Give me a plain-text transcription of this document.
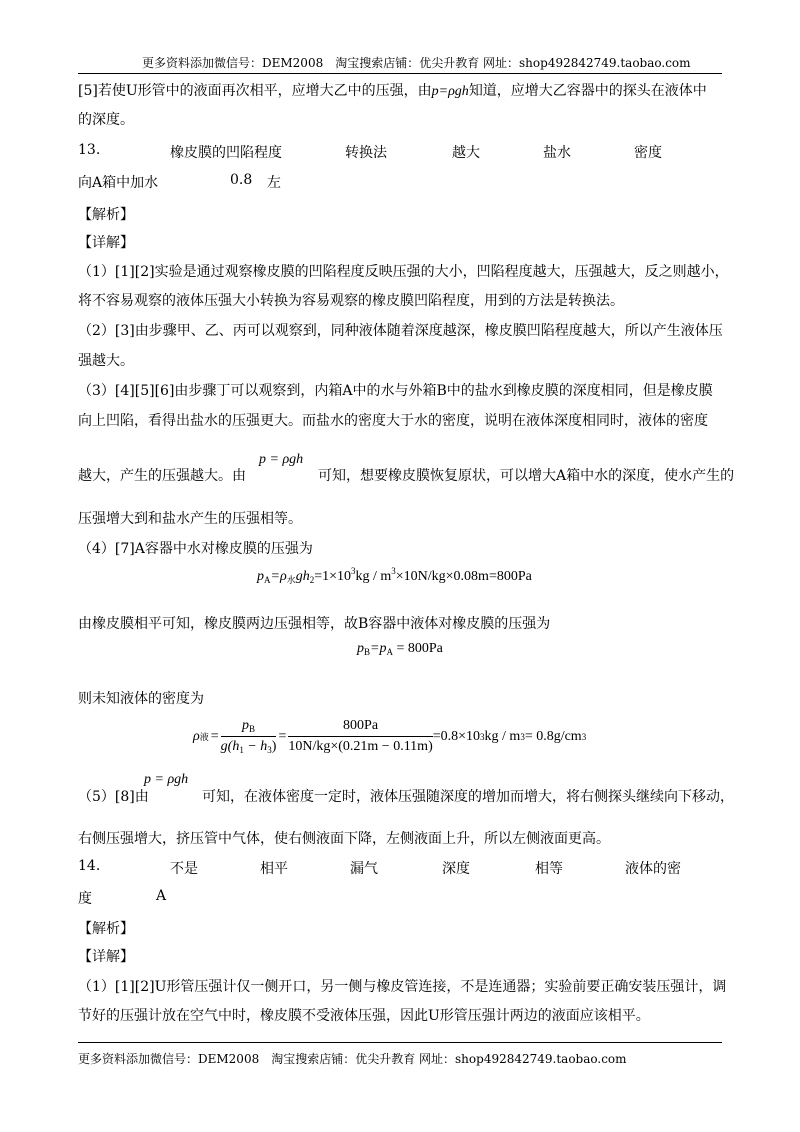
更多资料添加微信号：DEM2008　淘宝搜索店铺：优尖升教育 网址：shop492842749.taobao.com
[5]若使U形管中的液面再次相平，应增大乙中的压强，由p=ρgh知道，应增大乙容器中的探头在液体中
的深度。
13.	橡皮膜的凹陷程度	转换法	越大	盐水	密度
向A箱中加水	0.8 左
【解析】
【详解】
（1）[1][2]实验是通过观察橡皮膜的凹陷程度反映压强的大小，凹陷程度越大，压强越大，反之则越小，
将不容易观察的液体压强大小转换为容易观察的橡皮膜凹陷程度，用到的方法是转换法。
（2）[3]由步骤甲、乙、丙可以观察到，同种液体随着深度越深，橡皮膜凹陷程度越大，所以产生液体压
强越大。
（3）[4][5][6]由步骤丁可以观察到，内箱A中的水与外箱B中的盐水到橡皮膜的深度相同，但是橡皮膜
向上凹陷，看得出盐水的压强更大。而盐水的密度大于水的密度，说明在液体深度相同时，液体的密度
越大，产生的压强越大。由
p = ρgh
可知，想要橡皮膜恢复原状，可以增大A箱中水的深度，使水产生的
压强增大到和盐水产生的压强相等。
（4）[7]A容器中水对橡皮膜的压强为
$p_A=\rho_水gh_2=1\times 10^3kg / m^3\times 10N/kg\times 0.08m=800Pa$
由橡皮膜相平可知，橡皮膜两边压强相等，故B容器中液体对橡皮膜的压强为
$p_B=p_A = 800Pa$
则未知液体的密度为
ρ 液 = $\frac{p_B}{g(h_1 - h_3)} = \frac{800Pa}{10N/kg\times(0.21m - 0.11m)} =0.8\times 10$ 3 kg / m 3 = 0.8g/cm 3
（5）[8]由
p = ρgh
可知，在液体密度一定时，液体压强随深度的增加而增大，将右侧探头继续向下移动，
右侧压强增大，挤压管中气体，使右侧液面下降，左侧液面上升，所以左侧液面更高。
14.	不是	相平	漏气	深度	相等	液体的密
度	A
【解析】
【详解】
（1）[1][2]U形管压强计仅一侧开口，另一侧与橡皮管连接，不是连通器；实验前要正确安装压强计，调
节好的压强计放在空气中时，橡皮膜不受液体压强，因此U形管压强计两边的液面应该相平。
更多资料添加微信号：DEM2008　淘宝搜索店铺：优尖升教育 网址：shop492842749.taobao.com
